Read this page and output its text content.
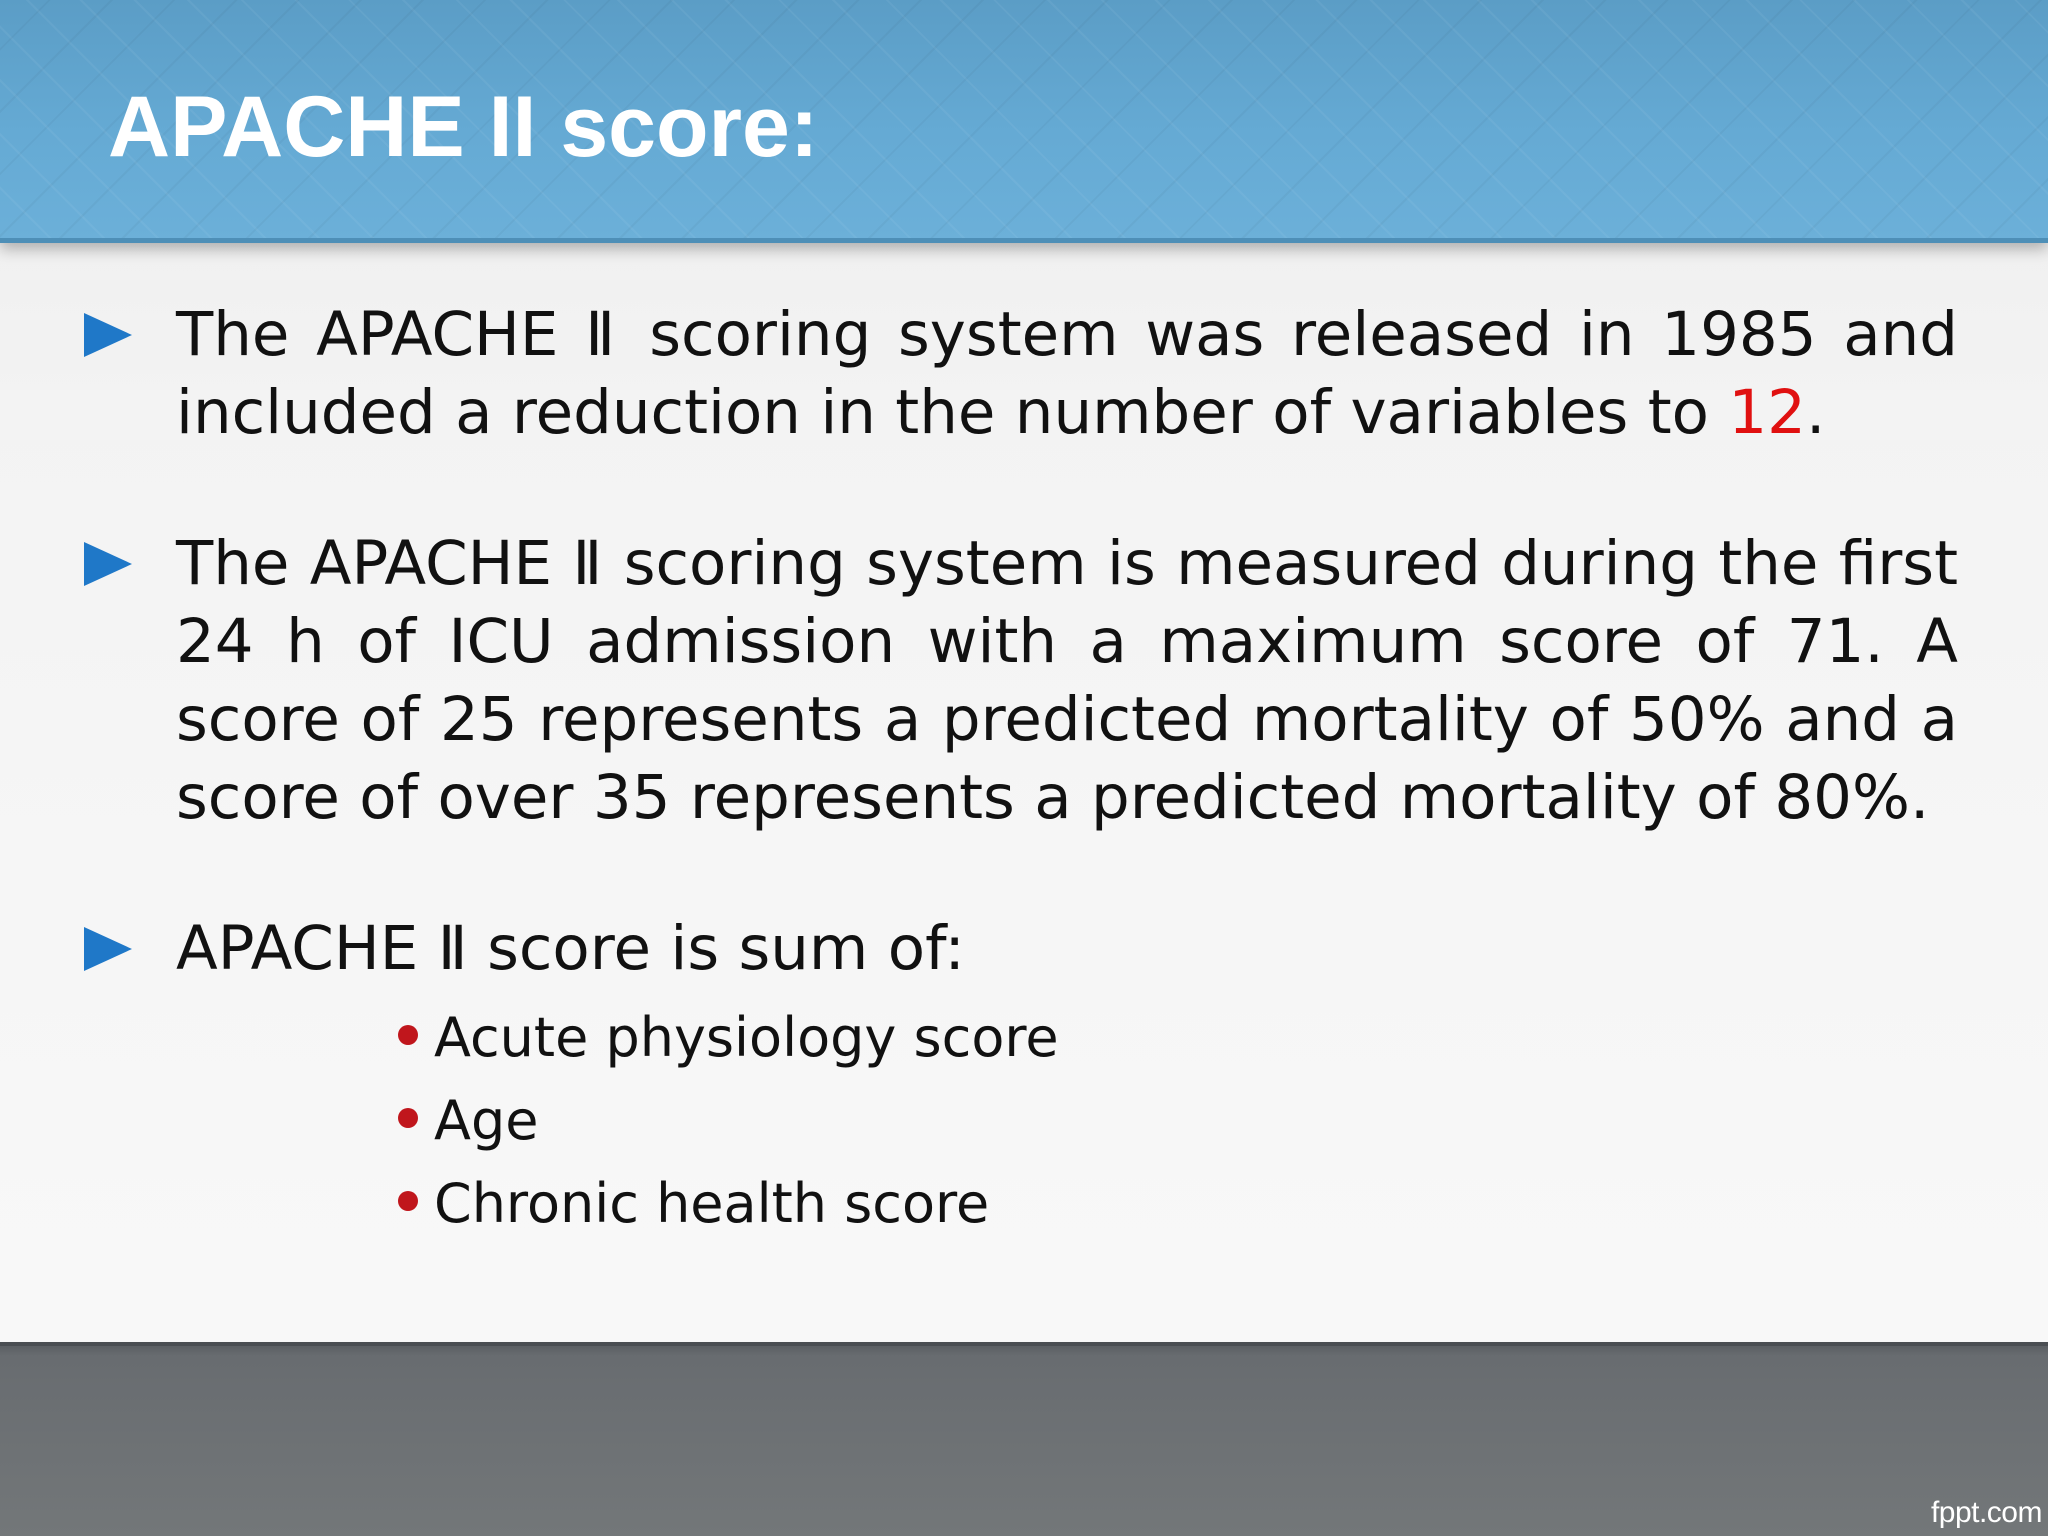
APACHE II score:

The APACHE Ⅱ scoring system was released in 1985 and included a reduction in the number of variables to 12.

The APACHE Ⅱ scoring system is measured during the first 24 h of ICU admission with a maximum score of 71. A score of 25 represents a predicted mortality of 50% and a score of over 35 represents a predicted mortality of 80%.

APACHE Ⅱ score is sum of:

Acute physiology score
Age
Chronic health score
fppt.com
